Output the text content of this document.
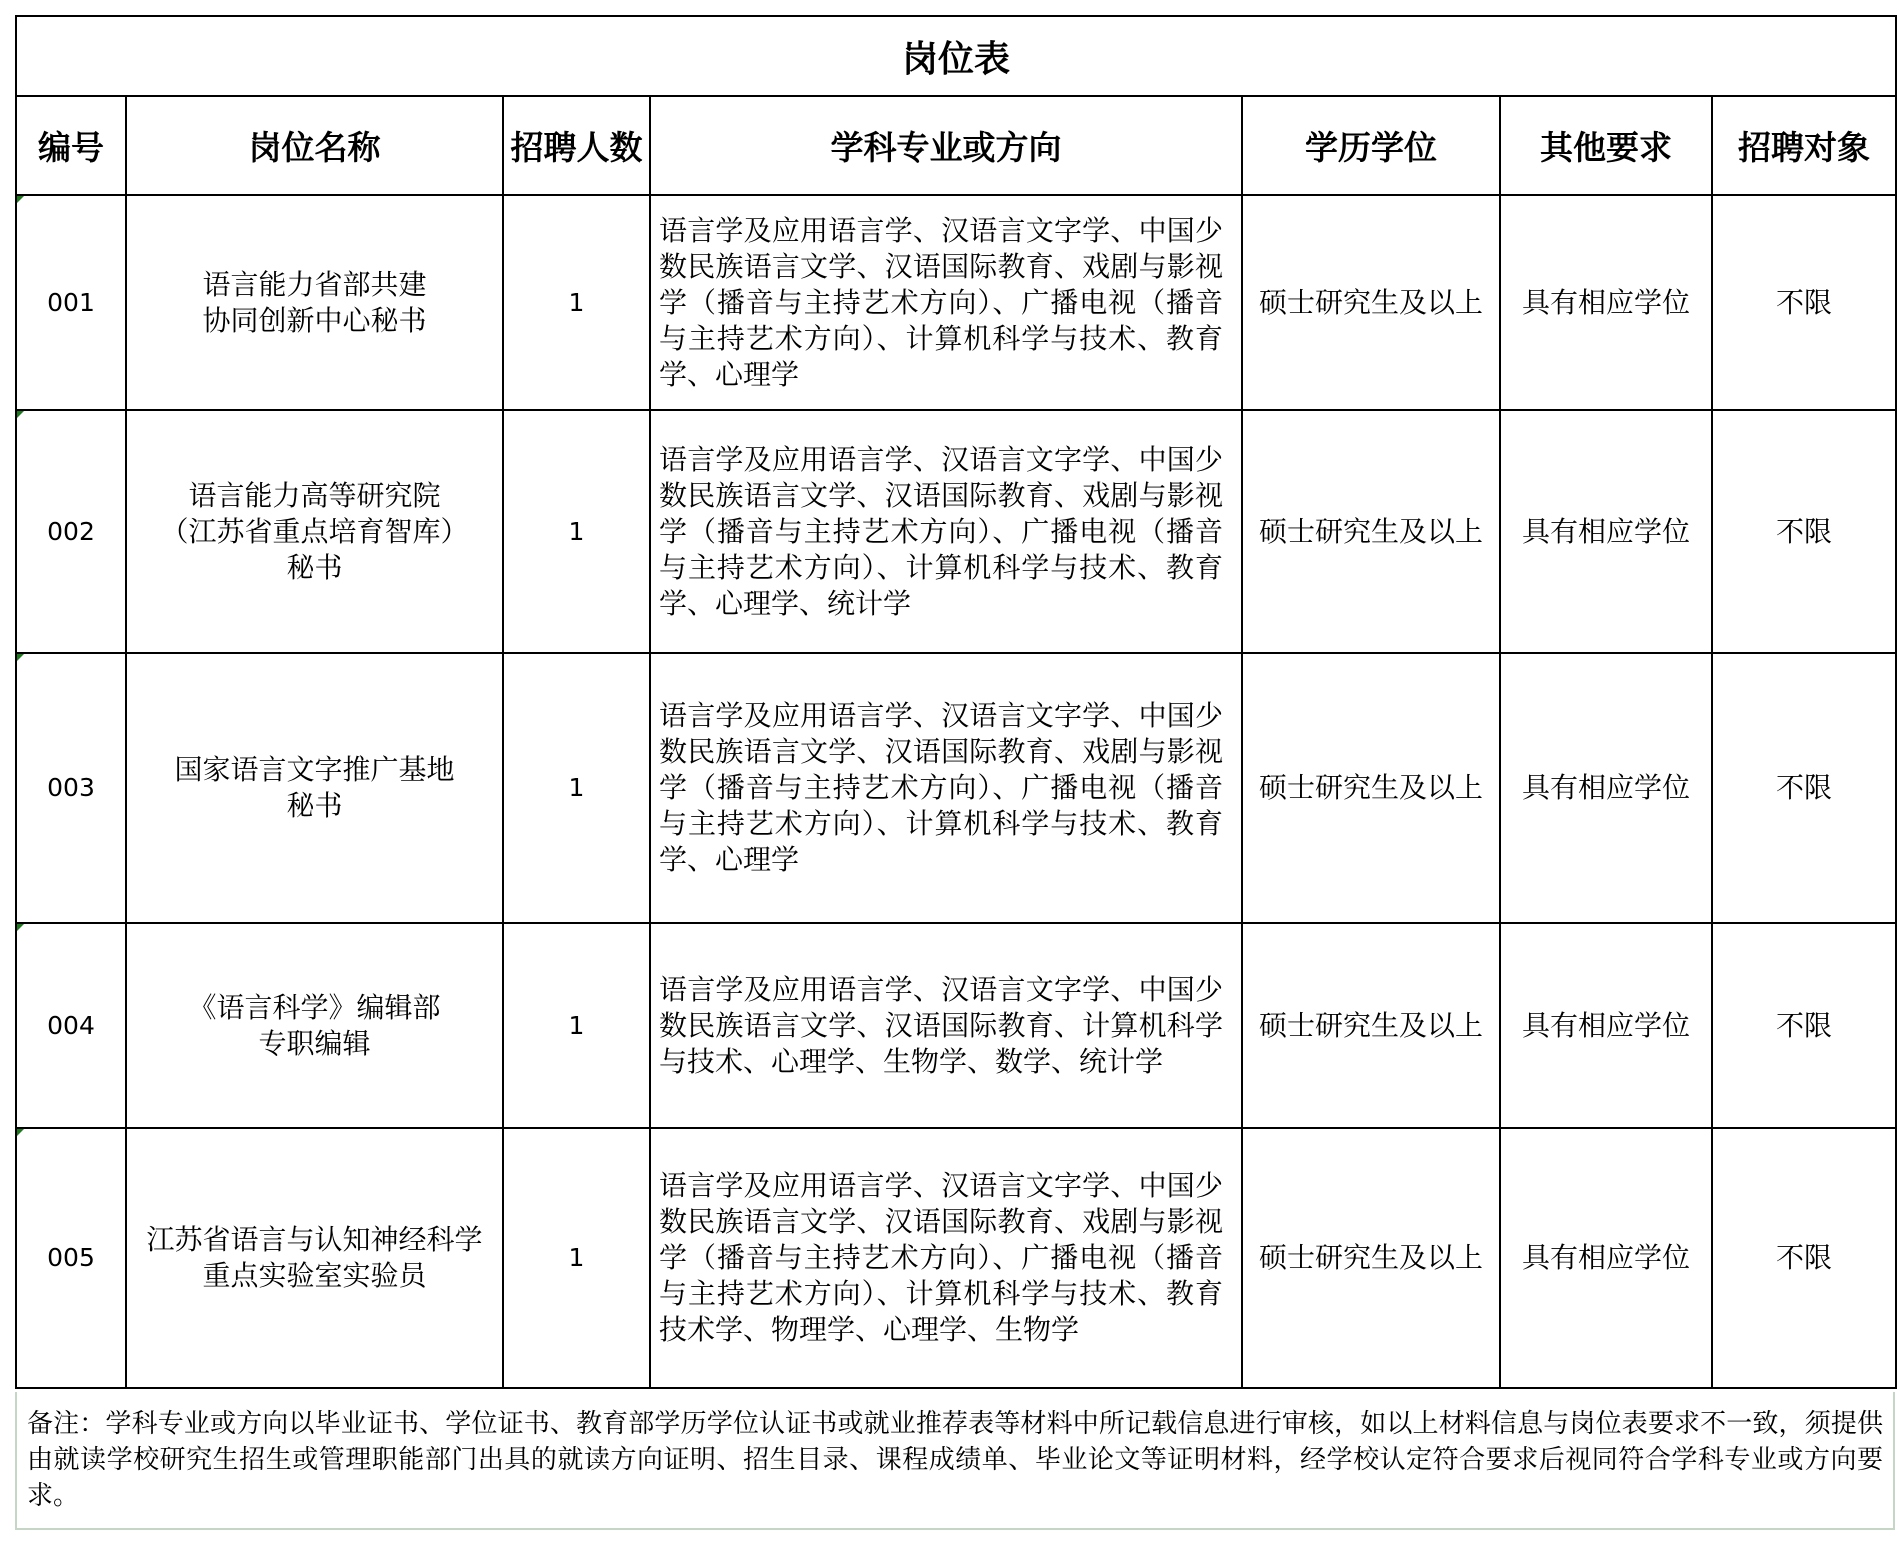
岗位表						
编号	岗位名称	招聘人数	学科专业或方向	学历学位	其他要求	招聘对象

001	语言能力省部共建
协同创新中心秘书	1	语言学及应用语言学、汉语言文字学、中国少数民族语言文学、汉语国际教育、戏剧与影视学（播音与主持艺术方向）、广播电视（播音与主持艺术方向）、计算机科学与技术、教育学、心理学	硕士研究生及以上	具有相应学位	不限

002	语言能力高等研究院
（江苏省重点培育智库）
秘书	1	语言学及应用语言学、汉语言文字学、中国少数民族语言文学、汉语国际教育、戏剧与影视学（播音与主持艺术方向）、广播电视（播音与主持艺术方向）、计算机科学与技术、教育学、心理学、统计学	硕士研究生及以上	具有相应学位	不限

003	国家语言文字推广基地
秘书	1	语言学及应用语言学、汉语言文字学、中国少数民族语言文学、汉语国际教育、戏剧与影视学（播音与主持艺术方向）、广播电视（播音与主持艺术方向）、计算机科学与技术、教育学、心理学	硕士研究生及以上	具有相应学位	不限

004	《语言科学》编辑部
专职编辑	1	语言学及应用语言学、汉语言文字学、中国少数民族语言文学、汉语国际教育、计算机科学与技术、心理学、生物学、数学、统计学	硕士研究生及以上	具有相应学位	不限

005	江苏省语言与认知神经科学
重点实验室实验员	1	语言学及应用语言学、汉语言文字学、中国少数民族语言文学、汉语国际教育、戏剧与影视学（播音与主持艺术方向）、广播电视（播音与主持艺术方向）、计算机科学与技术、教育技术学、物理学、心理学、生物学	硕士研究生及以上	具有相应学位	不限
备注：学科专业或方向以毕业证书、学位证书、教育部学历学位认证书或就业推荐表等材料中所记载信息进行审核，如以上材料信息与岗位表要求不一致，须提供由就读学校研究生招生或管理职能部门出具的就读方向证明、招生目录、课程成绩单、毕业论文等证明材料，经学校认定符合要求后视同符合学科专业或方向要求。
